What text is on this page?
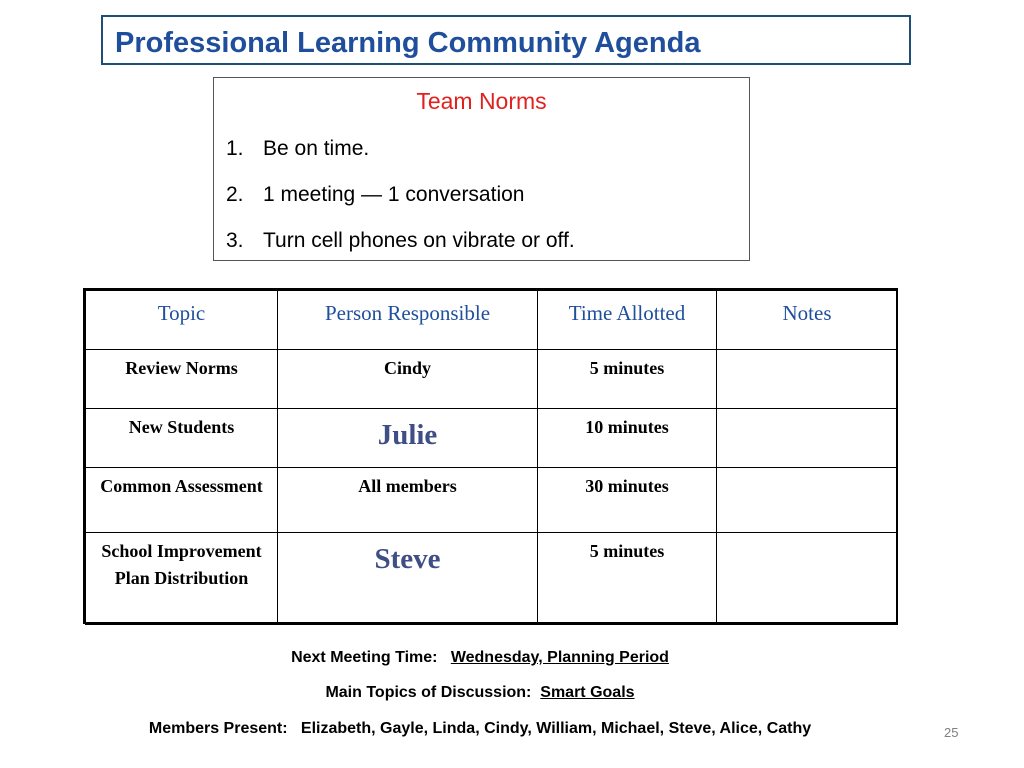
Professional Learning Community Agenda
Team Norms
1. Be on time.
2. 1 meeting — 1 conversation
3. Turn cell phones on vibrate or off.
Topic	Person Responsible	Time Allotted	Notes
Review Norms	Cindy	5 minutes	
New Students	Julie	10 minutes	
Common Assessment	All members	30 minutes	
School Improvement Plan Distribution	Steve	5 minutes	
Next Meeting Time: Wednesday, Planning Period
Main Topics of Discussion: Smart Goals
Members Present: Elizabeth, Gayle, Linda, Cindy, William, Michael, Steve, Alice, Cathy	25
